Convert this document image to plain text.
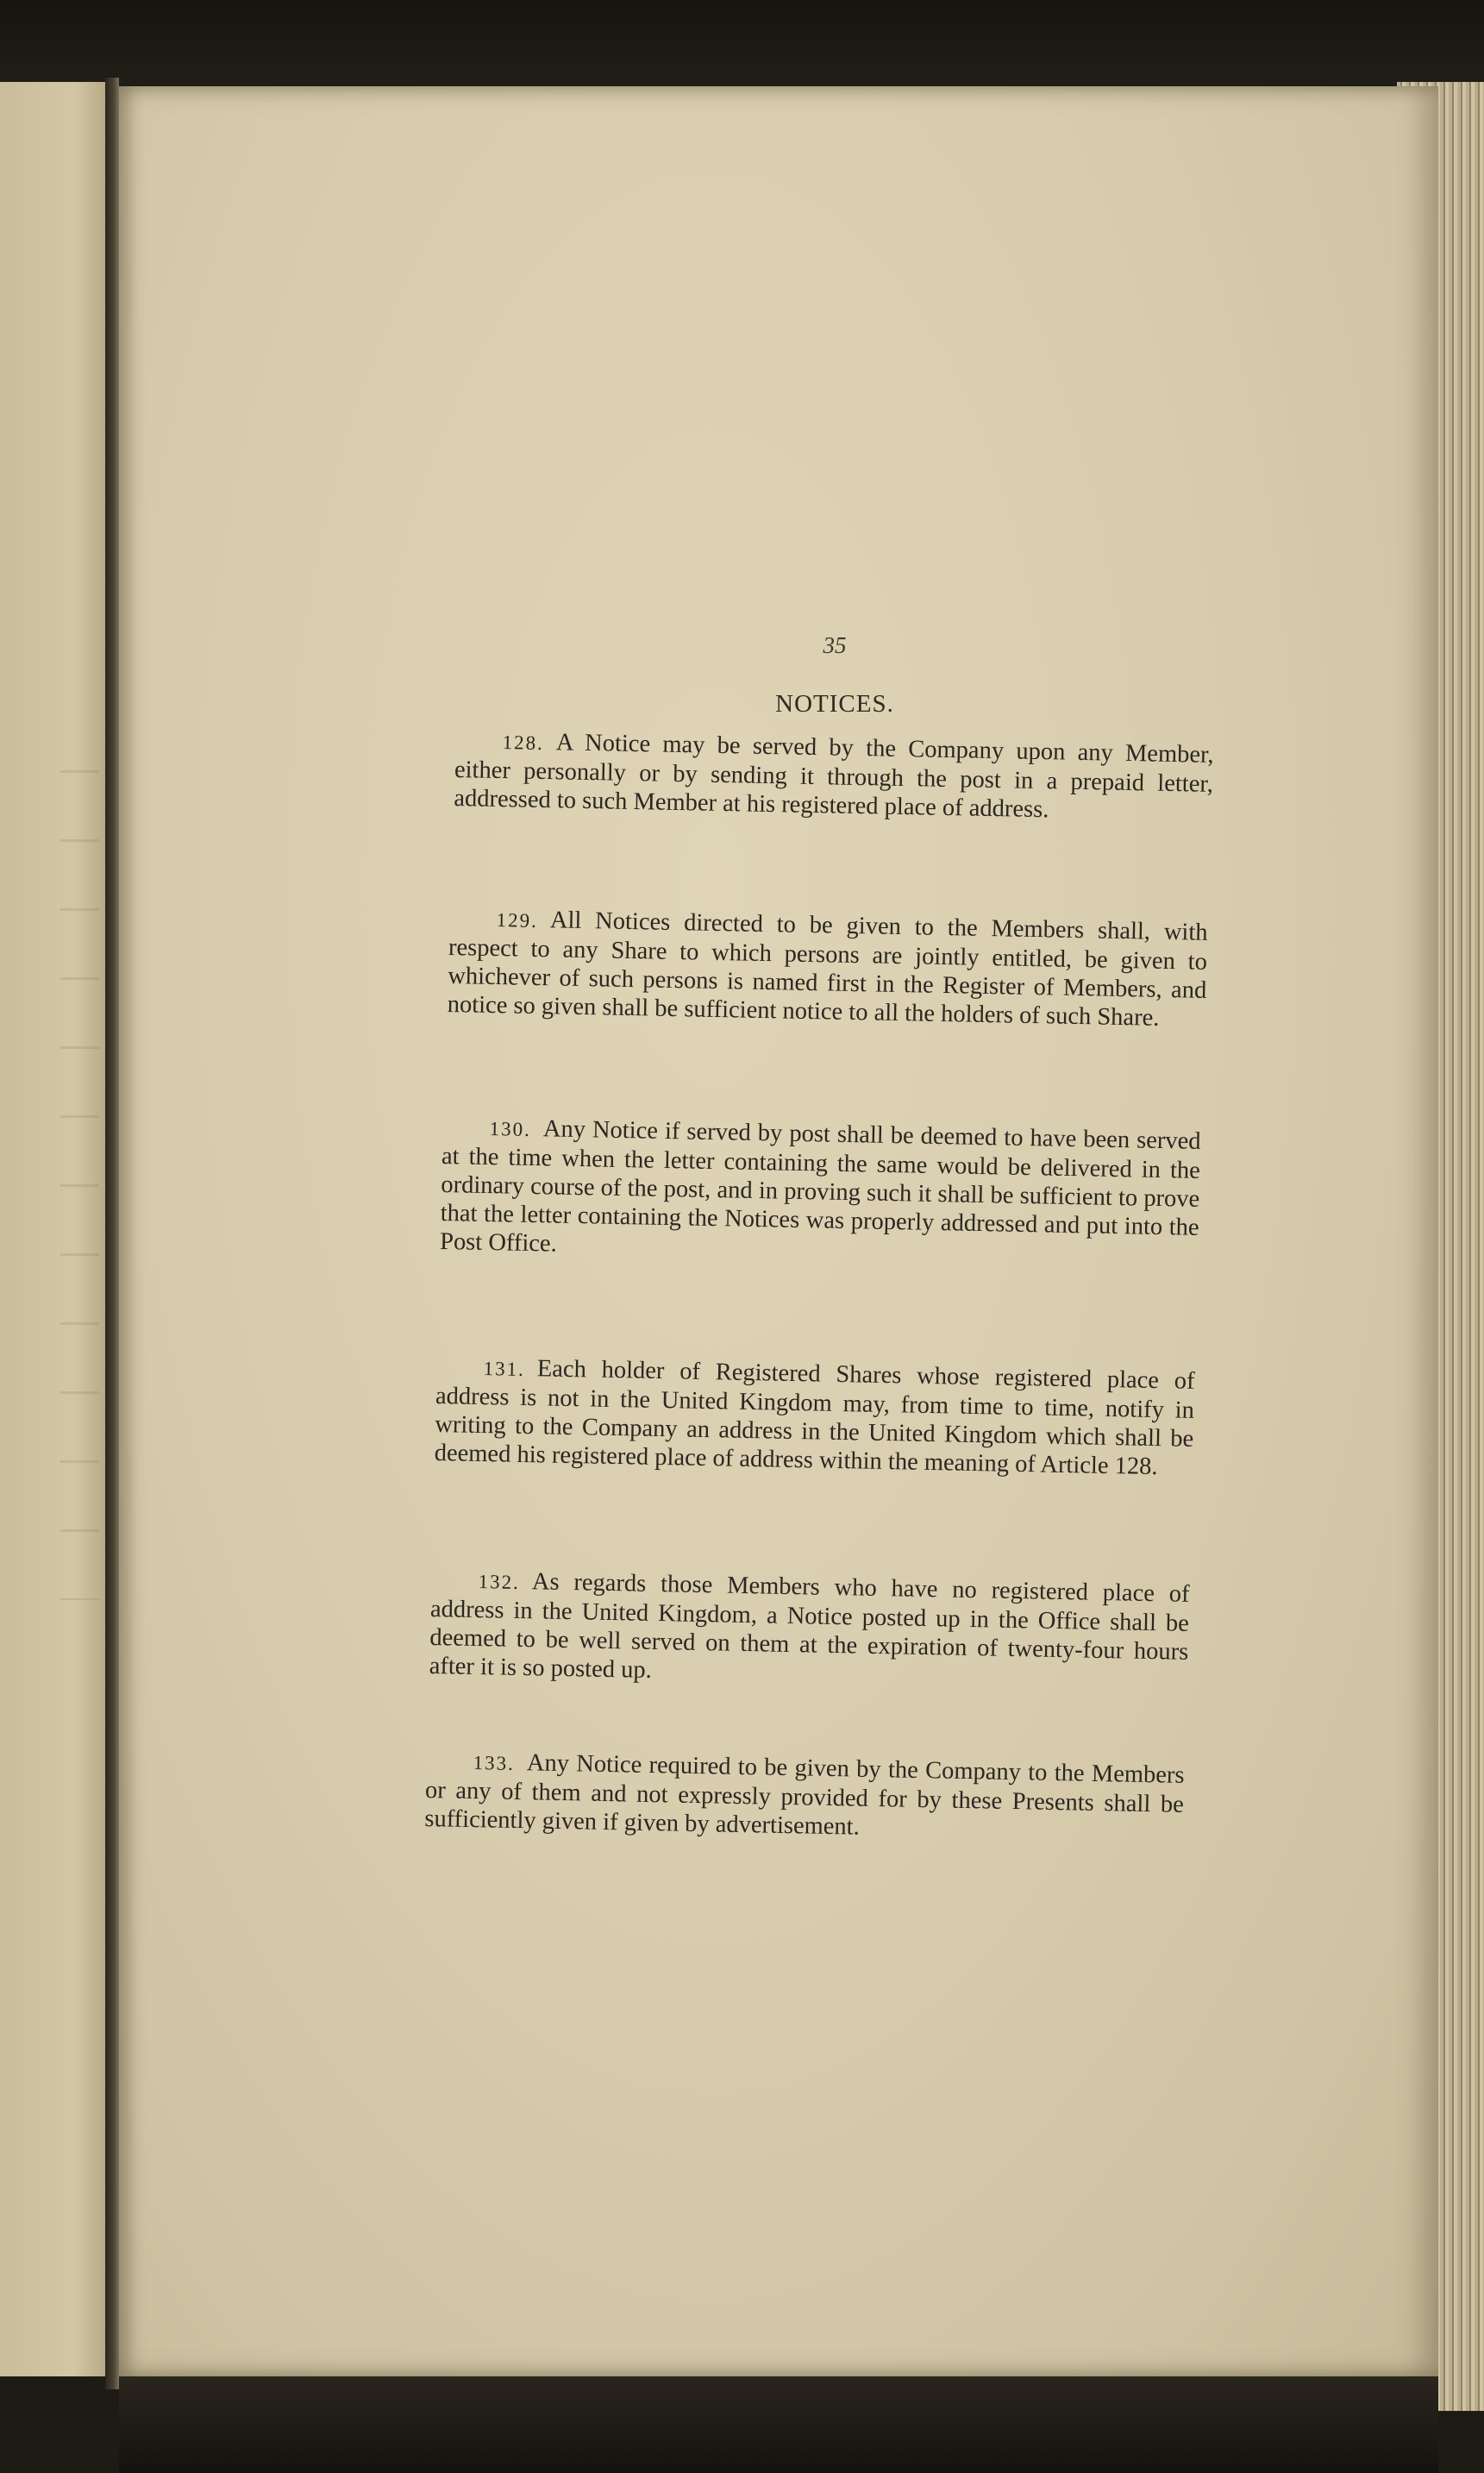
35
NOTICES.

128. A Notice may be served by the Company upon any Member, either personally or by sending it through the post in a prepaid letter, addressed to such Member at his registered place of address.

129. All Notices directed to be given to the Members shall, with respect to any Share to which persons are jointly entitled, be given to whichever of such persons is named first in the Register of Members, and notice so given shall be sufficient notice to all the holders of such Share.

130. Any Notice if served by post shall be deemed to have been served at the time when the letter containing the same would be delivered in the ordinary course of the post, and in proving such it shall be sufficient to prove that the letter containing the Notices was properly addressed and put into the Post Office.

131. Each holder of Registered Shares whose registered place of address is not in the United Kingdom may, from time to time, notify in writing to the Company an address in the United Kingdom which shall be deemed his registered place of address within the meaning of Article 128.

132. As regards those Members who have no registered place of address in the United Kingdom, a Notice posted up in the Office shall be deemed to be well served on them at the expiration of twenty-four hours after it is so posted up.

133. Any Notice required to be given by the Company to the Members or any of them and not expressly provided for by these Presents shall be sufficiently given if given by advertisement.
